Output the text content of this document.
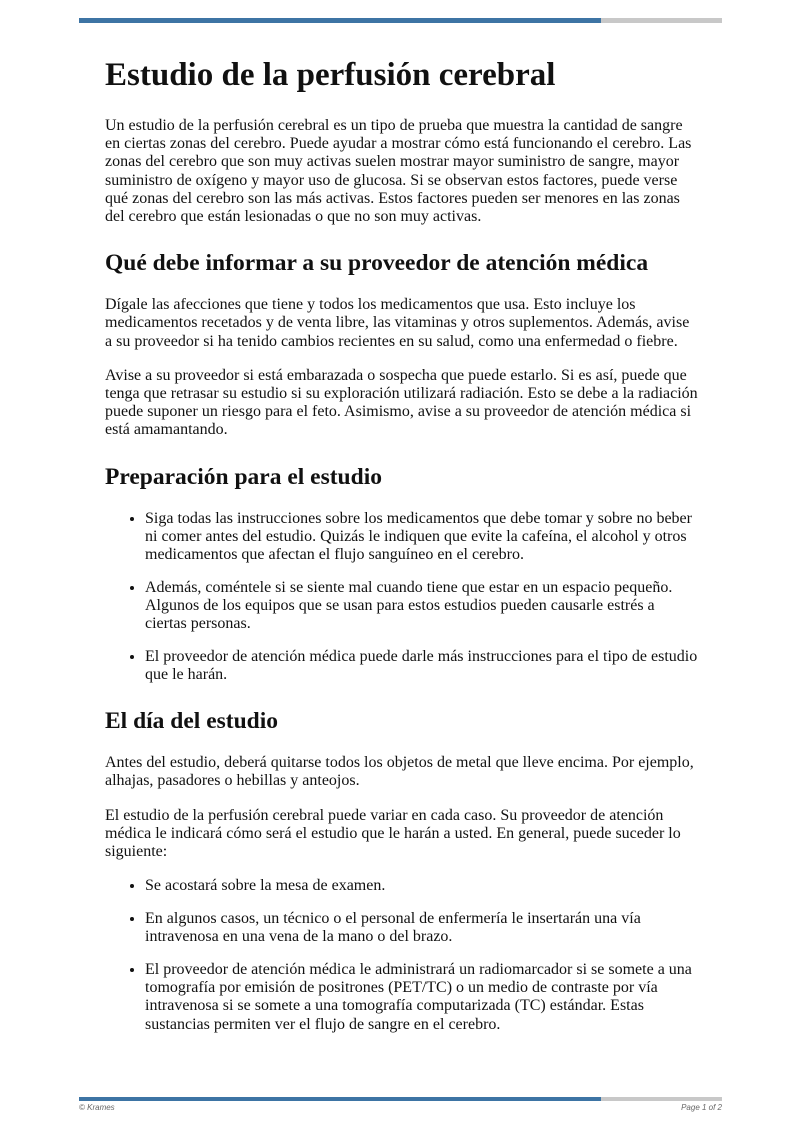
Estudio de la perfusión cerebral

Un estudio de la perfusión cerebral es un tipo de prueba que muestra la cantidad de sangre en ciertas zonas del cerebro. Puede ayudar a mostrar cómo está funcionando el cerebro. Las zonas del cerebro que son muy activas suelen mostrar mayor suministro de sangre, mayor suministro de oxígeno y mayor uso de glucosa. Si se observan estos factores, puede verse qué zonas del cerebro son las más activas. Estos factores pueden ser menores en las zonas del cerebro que están lesionadas o que no son muy activas.

Qué debe informar a su proveedor de atención médica

Dígale las afecciones que tiene y todos los medicamentos que usa. Esto incluye los medicamentos recetados y de venta libre, las vitaminas y otros suplementos. Además, avise a su proveedor si ha tenido cambios recientes en su salud, como una enfermedad o fiebre.

Avise a su proveedor si está embarazada o sospecha que puede estarlo. Si es así, puede que tenga que retrasar su estudio si su exploración utilizará radiación. Esto se debe a la radiación puede suponer un riesgo para el feto. Asimismo, avise a su proveedor de atención médica si está amamantando.

Preparación para el estudio
• Siga todas las instrucciones sobre los medicamentos que debe tomar y sobre no beber ni comer antes del estudio. Quizás le indiquen que evite la cafeína, el alcohol y otros medicamentos que afectan el flujo sanguíneo en el cerebro.
• Además, coméntele si se siente mal cuando tiene que estar en un espacio pequeño. Algunos de los equipos que se usan para estos estudios pueden causarle estrés a ciertas personas.
• El proveedor de atención médica puede darle más instrucciones para el tipo de estudio que le harán.
El día del estudio

Antes del estudio, deberá quitarse todos los objetos de metal que lleve encima. Por ejemplo, alhajas, pasadores o hebillas y anteojos.

El estudio de la perfusión cerebral puede variar en cada caso. Su proveedor de atención médica le indicará cómo será el estudio que le harán a usted. En general, puede suceder lo siguiente:

• Se acostará sobre la mesa de examen.
• En algunos casos, un técnico o el personal de enfermería le insertarán una vía intravenosa en una vena de la mano o del brazo.
• El proveedor de atención médica le administrará un radiomarcador si se somete a una tomografía por emisión de positrones (PET/TC) o un medio de contraste por vía intravenosa si se somete a una tomografía computarizada (TC) estándar. Estas sustancias permiten ver el flujo de sangre en el cerebro.
© Krames	Page 1 of 2
